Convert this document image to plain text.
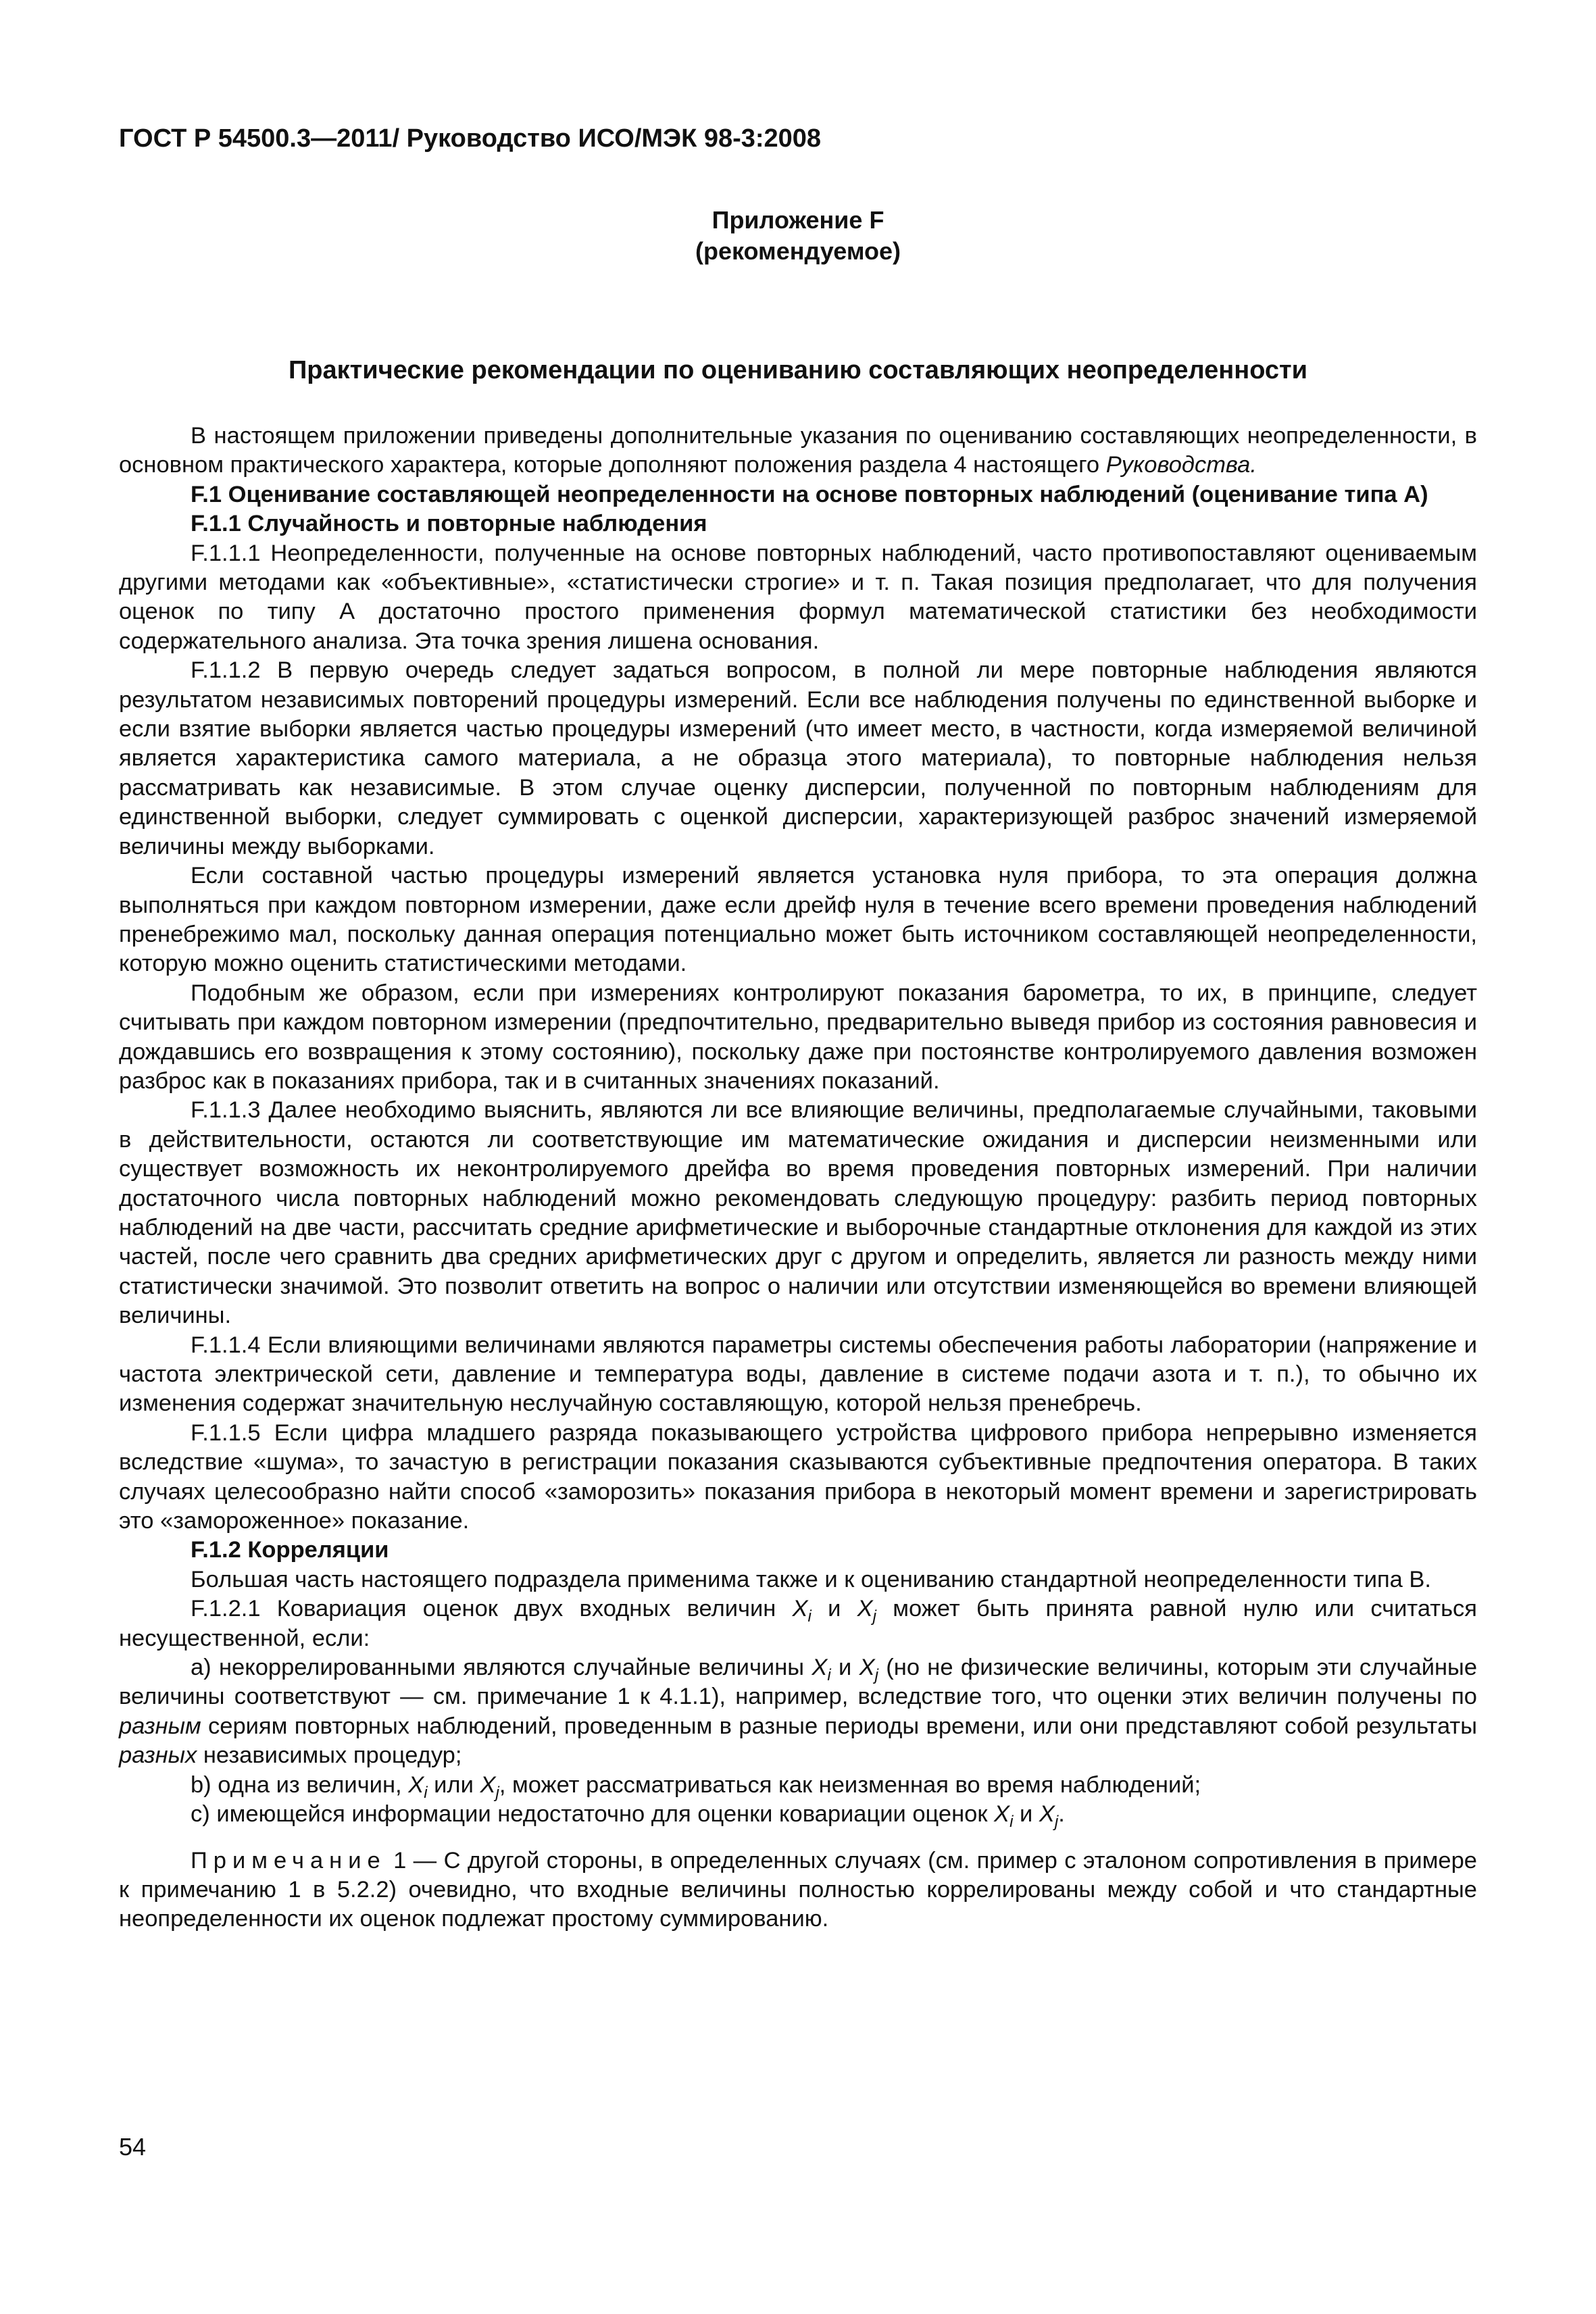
ГОСТ Р 54500.3—2011/ Руководство ИСО/МЭК 98-3:2008
Приложение F
(рекомендуемое)
Практические рекомендации по оцениванию составляющих неопределенности

В настоящем приложении приведены дополнительные указания по оцениванию составляющих неопределенности, в основном практического характера, которые дополняют положения раздела 4 настоящего Руководства.

F.1 Оценивание составляющей неопределенности на основе повторных наблюдений (оценивание типа А)

F.1.1 Случайность и повторные наблюдения

F.1.1.1 Неопределенности, полученные на основе повторных наблюдений, часто противопоставляют оцениваемым другими методами как «объективные», «статистически строгие» и т. п. Такая позиция предполагает, что для получения оценок по типу А достаточно простого применения формул математической статистики без необходимости содержательного анализа. Эта точка зрения лишена основания.

F.1.1.2 В первую очередь следует задаться вопросом, в полной ли мере повторные наблюдения являются результатом независимых повторений процедуры измерений. Если все наблюдения получены по единственной выборке и если взятие выборки является частью процедуры измерений (что имеет место, в частности, когда измеряемой величиной является характеристика самого материала, а не образца этого материала), то повторные наблюдения нельзя рассматривать как независимые. В этом случае оценку дисперсии, полученной по повторным наблюдениям для единственной выборки, следует суммировать с оценкой дисперсии, характеризующей разброс значений измеряемой величины между выборками.

Если составной частью процедуры измерений является установка нуля прибора, то эта операция должна выполняться при каждом повторном измерении, даже если дрейф нуля в течение всего времени проведения наблюдений пренебрежимо мал, поскольку данная операция потенциально может быть источником составляющей неопределенности, которую можно оценить статистическими методами.

Подобным же образом, если при измерениях контролируют показания барометра, то их, в принципе, следует считывать при каждом повторном измерении (предпочтительно, предварительно выведя прибор из состояния равновесия и дождавшись его возвращения к этому состоянию), поскольку даже при постоянстве контролируемого давления возможен разброс как в показаниях прибора, так и в считанных значениях показаний.

F.1.1.3 Далее необходимо выяснить, являются ли все влияющие величины, предполагаемые случайными, таковыми в действительности, остаются ли соответствующие им математические ожидания и дисперсии неизменными или существует возможность их неконтролируемого дрейфа во время проведения повторных измерений. При наличии достаточного числа повторных наблюдений можно рекомендовать следующую процедуру: разбить период повторных наблюдений на две части, рассчитать средние арифметические и выборочные стандартные отклонения для каждой из этих частей, после чего сравнить два средних арифметических друг с другом и определить, является ли разность между ними статистически значимой. Это позволит ответить на вопрос о наличии или отсутствии изменяющейся во времени влияющей величины.

F.1.1.4 Если влияющими величинами являются параметры системы обеспечения работы лаборатории (напряжение и частота электрической сети, давление и температура воды, давление в системе подачи азота и т. п.), то обычно их изменения содержат значительную неслучайную составляющую, которой нельзя пренебречь.

F.1.1.5 Если цифра младшего разряда показывающего устройства цифрового прибора непрерывно изменяется вследствие «шума», то зачастую в регистрации показания сказываются субъективные предпочтения оператора. В таких случаях целесообразно найти способ «заморозить» показания прибора в некоторый момент времени и зарегистрировать это «замороженное» показание.

F.1.2 Корреляции

Большая часть настоящего подраздела применима также и к оцениванию стандартной неопределенности типа В.

F.1.2.1 Ковариация оценок двух входных величин $X_i$ и $X_j$ может быть принята равной нулю или считаться несущественной, если:

а) некоррелированными являются случайные величины $X_i$ и $X_j$ (но не физические величины, которым эти случайные величины соответствуют — см. примечание 1 к 4.1.1), например, вследствие того, что оценки этих величин получены по разным сериям повторных наблюдений, проведенным в разные периоды времени, или они представляют собой результаты разных независимых процедур;

b) одна из величин, $X_i$ или $X_j$, может рассматриваться как неизменная во время наблюдений;

с) имеющейся информации недостаточно для оценки ковариации оценок $X_i$ и $X_j$.

Примечание 1 — С другой стороны, в определенных случаях (см. пример с эталоном сопротивления в примере к примечанию 1 в 5.2.2) очевидно, что входные величины полностью коррелированы между собой и что стандартные неопределенности их оценок подлежат простому суммированию.

54
